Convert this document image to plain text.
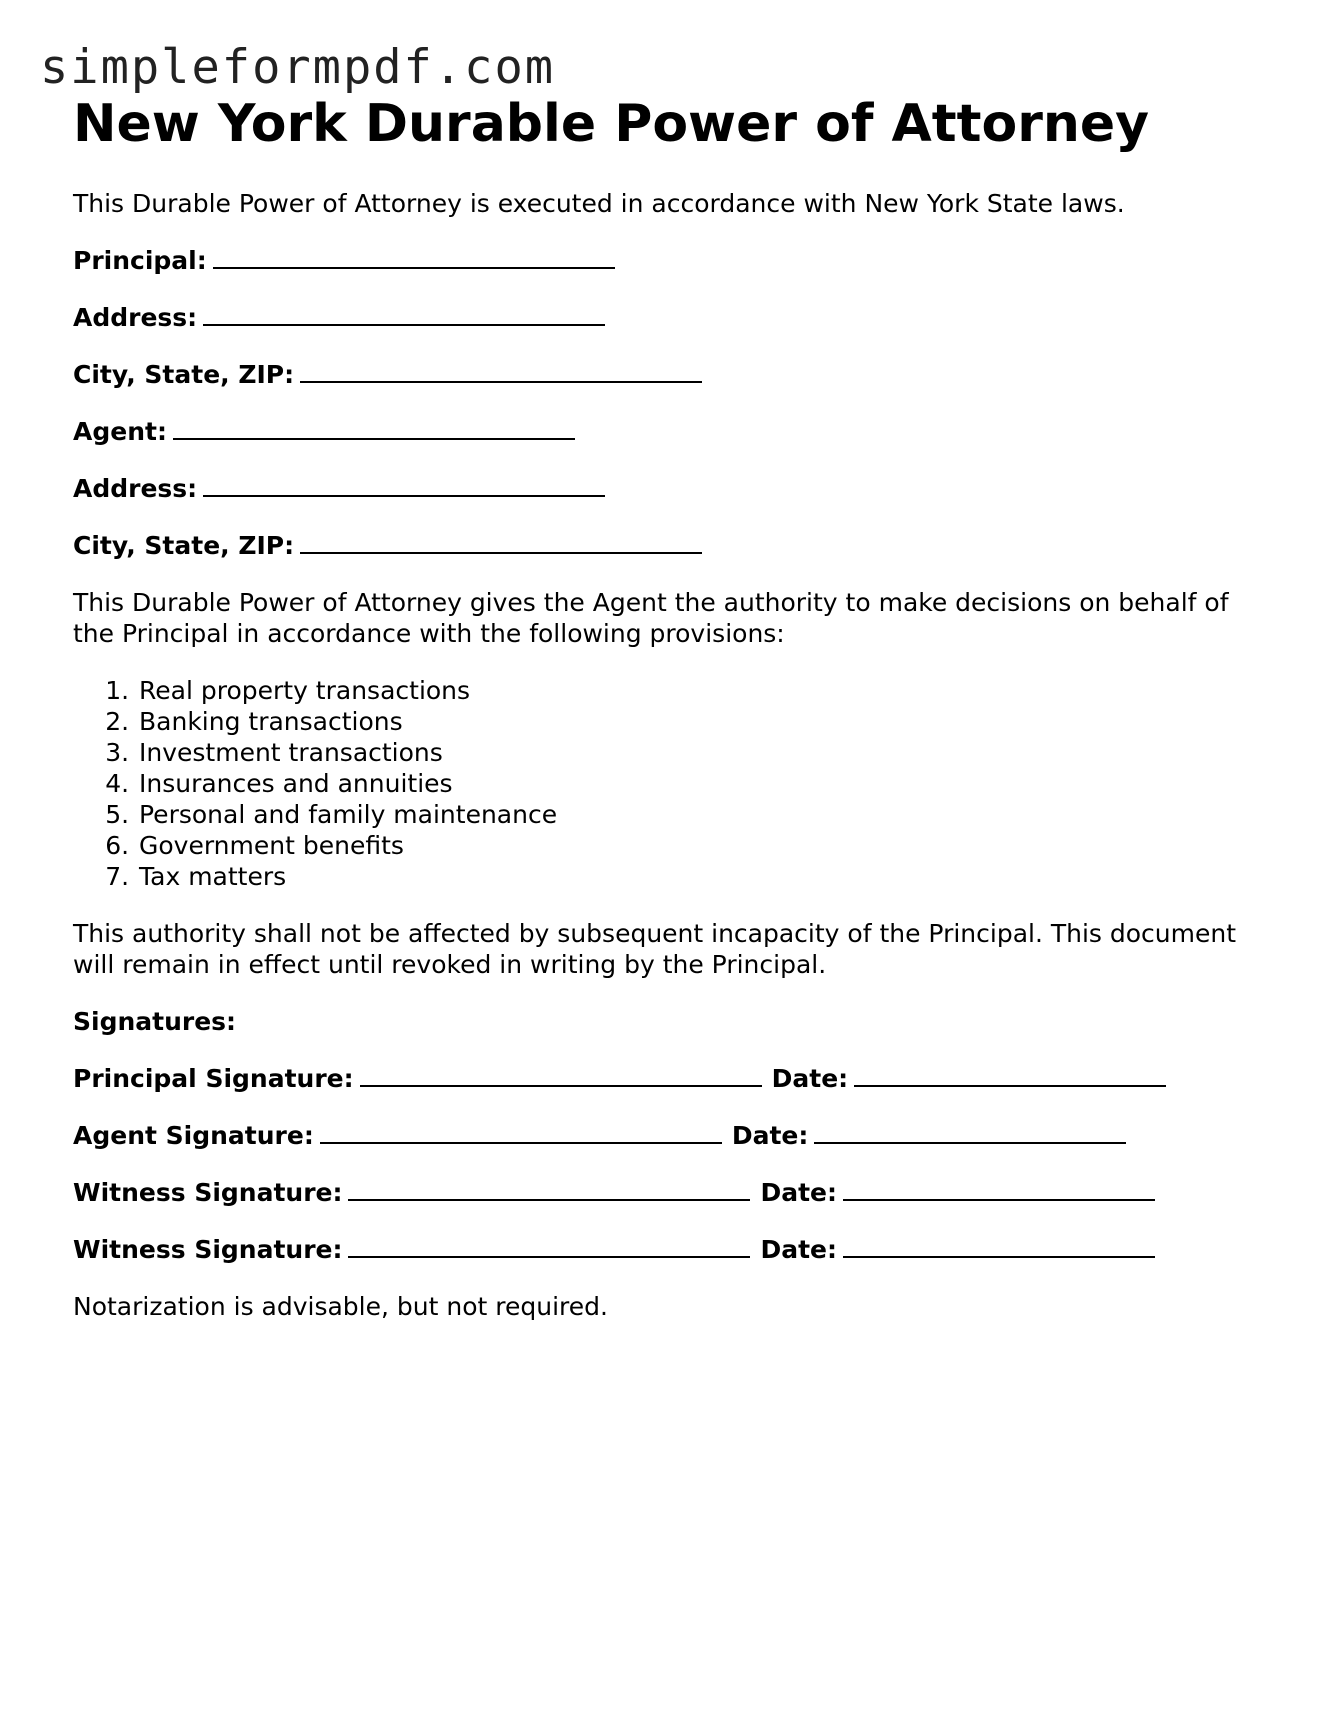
simpleformpdf.com
New York Durable Power of Attorney

This Durable Power of Attorney is executed in accordance with New York State laws.

Principal:
Address:
City, State, ZIP:
Agent:
Address:
City, State, ZIP:

This Durable Power of Attorney gives the Agent the authority to make decisions on behalf of the Principal in accordance with the following provisions:

1. Real property transactions
2. Banking transactions
3. Investment transactions
4. Insurances and annuities
5. Personal and family maintenance
6. Government benefits
7. Tax matters

This authority shall not be affected by subsequent incapacity of the Principal. This document will remain in effect until revoked in writing by the Principal.

Signatures:
Principal Signature:	Date:
Agent Signature:	Date:
Witness Signature:	Date:
Witness Signature:	Date:

Notarization is advisable, but not required.
